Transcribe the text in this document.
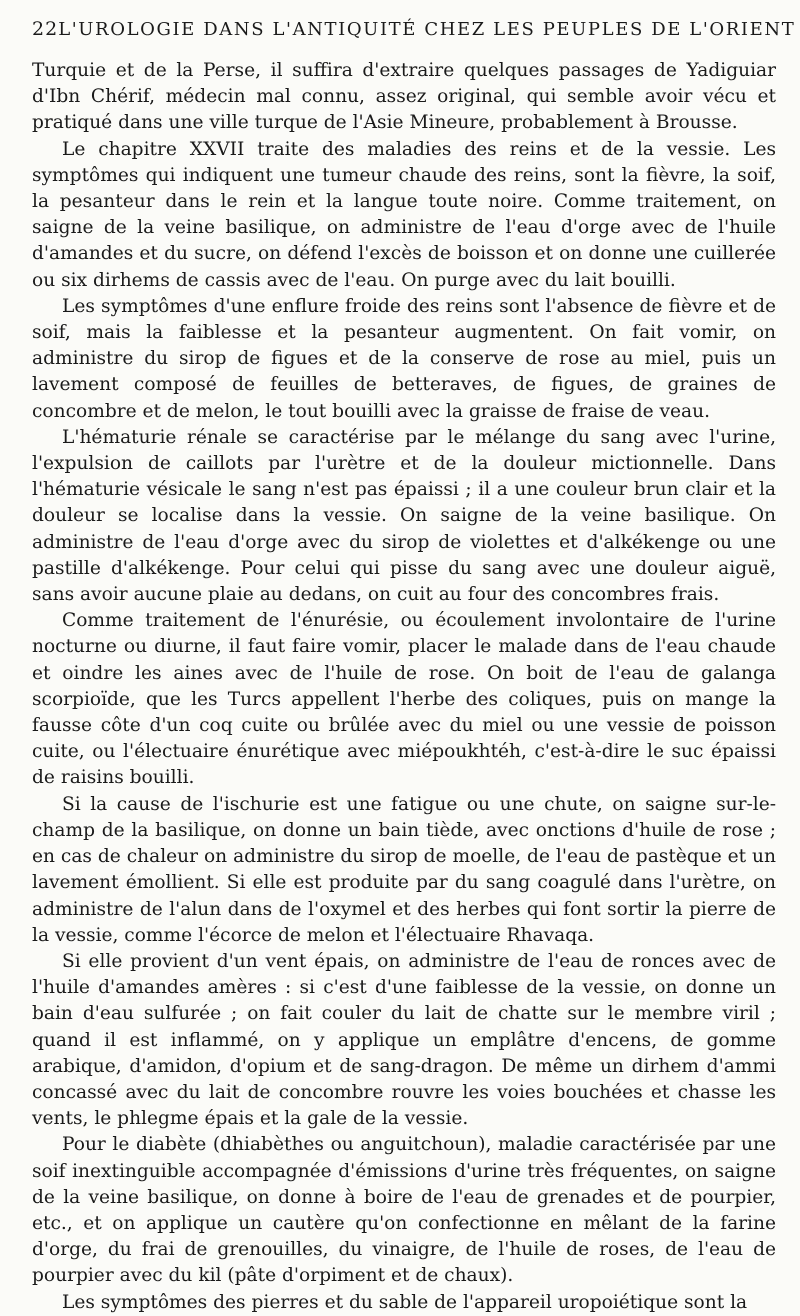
22 L'UROLOGIE DANS L'ANTIQUITÉ CHEZ LES PEUPLES DE L'ORIENT

Turquie et de la Perse, il suffira d'extraire quelques passages de Yadiguiar d'Ibn Chérif, médecin mal connu, assez original, qui semble avoir vécu et pratiqué dans une ville turque de l'Asie Mineure, probablement à Brousse.

Le chapitre XXVII traite des maladies des reins et de la vessie. Les symptômes qui indiquent une tumeur chaude des reins, sont la fièvre, la soif, la pesanteur dans le rein et la langue toute noire. Comme traitement, on saigne de la veine basilique, on administre de l'eau d'orge avec de l'huile d'amandes et du sucre, on défend l'excès de boisson et on donne une cuillerée ou six dirhems de cassis avec de l'eau. On purge avec du lait bouilli.

Les symptômes d'une enflure froide des reins sont l'absence de fièvre et de soif, mais la faiblesse et la pesanteur augmentent. On fait vomir, on administre du sirop de figues et de la conserve de rose au miel, puis un lavement composé de feuilles de betteraves, de figues, de graines de concombre et de melon, le tout bouilli avec la graisse de fraise de veau.

L'hématurie rénale se caractérise par le mélange du sang avec l'urine, l'expulsion de caillots par l'urètre et de la douleur mictionnelle. Dans l'hématurie vésicale le sang n'est pas épaissi ; il a une couleur brun clair et la douleur se localise dans la vessie. On saigne de la veine basilique. On administre de l'eau d'orge avec du sirop de violettes et d'alkékenge ou une pastille d'alkékenge. Pour celui qui pisse du sang avec une douleur aiguë, sans avoir aucune plaie au dedans, on cuit au four des concombres frais.

Comme traitement de l'énurésie, ou écoulement involontaire de l'urine nocturne ou diurne, il faut faire vomir, placer le malade dans de l'eau chaude et oindre les aines avec de l'huile de rose. On boit de l'eau de galanga scorpioïde, que les Turcs appellent l'herbe des coliques, puis on mange la fausse côte d'un coq cuite ou brûlée avec du miel ou une vessie de poisson cuite, ou l'électuaire énurétique avec miépoukhtéh, c'est-à-dire le suc épaissi de raisins bouilli.

Si la cause de l'ischurie est une fatigue ou une chute, on saigne sur-le-champ de la basilique, on donne un bain tiède, avec onctions d'huile de rose ; en cas de chaleur on administre du sirop de moelle, de l'eau de pastèque et un lavement émollient. Si elle est produite par du sang coagulé dans l'urètre, on administre de l'alun dans de l'oxymel et des herbes qui font sortir la pierre de la vessie, comme l'écorce de melon et l'électuaire Rhavaqa.

Si elle provient d'un vent épais, on administre de l'eau de ronces avec de l'huile d'amandes amères : si c'est d'une faiblesse de la vessie, on donne un bain d'eau sulfurée ; on fait couler du lait de chatte sur le membre viril ; quand il est inflammé, on y applique un emplâtre d'encens, de gomme arabique, d'amidon, d'opium et de sang-dragon. De même un dirhem d'ammi concassé avec du lait de concombre rouvre les voies bouchées et chasse les vents, le phlegme épais et la gale de la vessie.

Pour le diabète (dhiabèthes ou anguitchoun), maladie caractérisée par une soif inextinguible accompagnée d'émissions d'urine très fréquentes, on saigne de la veine basilique, on donne à boire de l'eau de grenades et de pourpier, etc., et on applique un cautère qu'on confectionne en mêlant de la farine d'orge, du frai de grenouilles, du vinaigre, de l'huile de roses, de l'eau de pourpier avec du kil (pâte d'orpiment et de chaux).

Les symptômes des pierres et du sable de l'appareil uropoiétique sont la
